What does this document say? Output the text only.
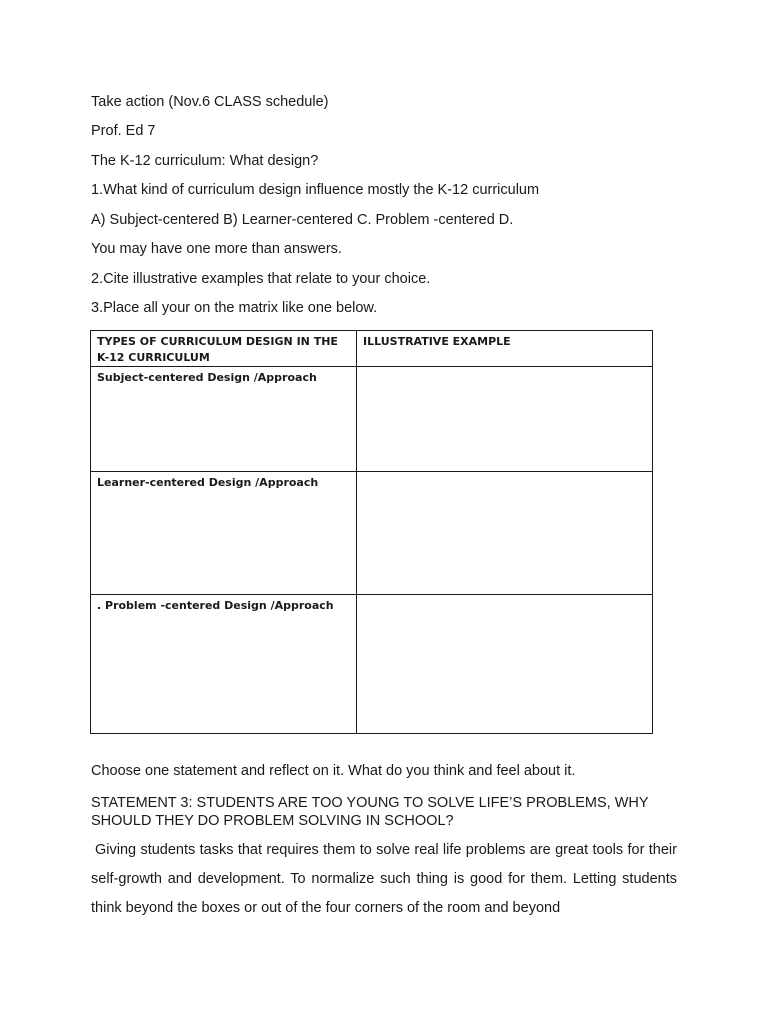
Take action (Nov.6 CLASS schedule)
Prof. Ed 7
The K-12 curriculum: What design?
1.What kind of curriculum design influence mostly the K-12 curriculum
A) Subject-centered B) Learner-centered C. Problem -centered D.
You may have one more than answers.
2.Cite illustrative examples that relate to your choice.
3.Place all your on the matrix like one below.
TYPES OF CURRICULUM DESIGN IN THE K-12 CURRICULUM	ILLUSTRATIVE EXAMPLE
Subject-centered Design /Approach	
Learner-centered Design /Approach	
. Problem -centered Design /Approach	
Choose one statement and reflect on it. What do you think and feel about it.
STATEMENT 3: STUDENTS ARE TOO YOUNG TO SOLVE LIFE’S PROBLEMS, WHY SHOULD THEY DO PROBLEM SOLVING IN SCHOOL?
Giving students tasks that requires them to solve real life problems are great tools for their self-growth and development. To normalize such thing is good for them. Letting students think beyond the boxes or out of the four corners of the room and beyond
